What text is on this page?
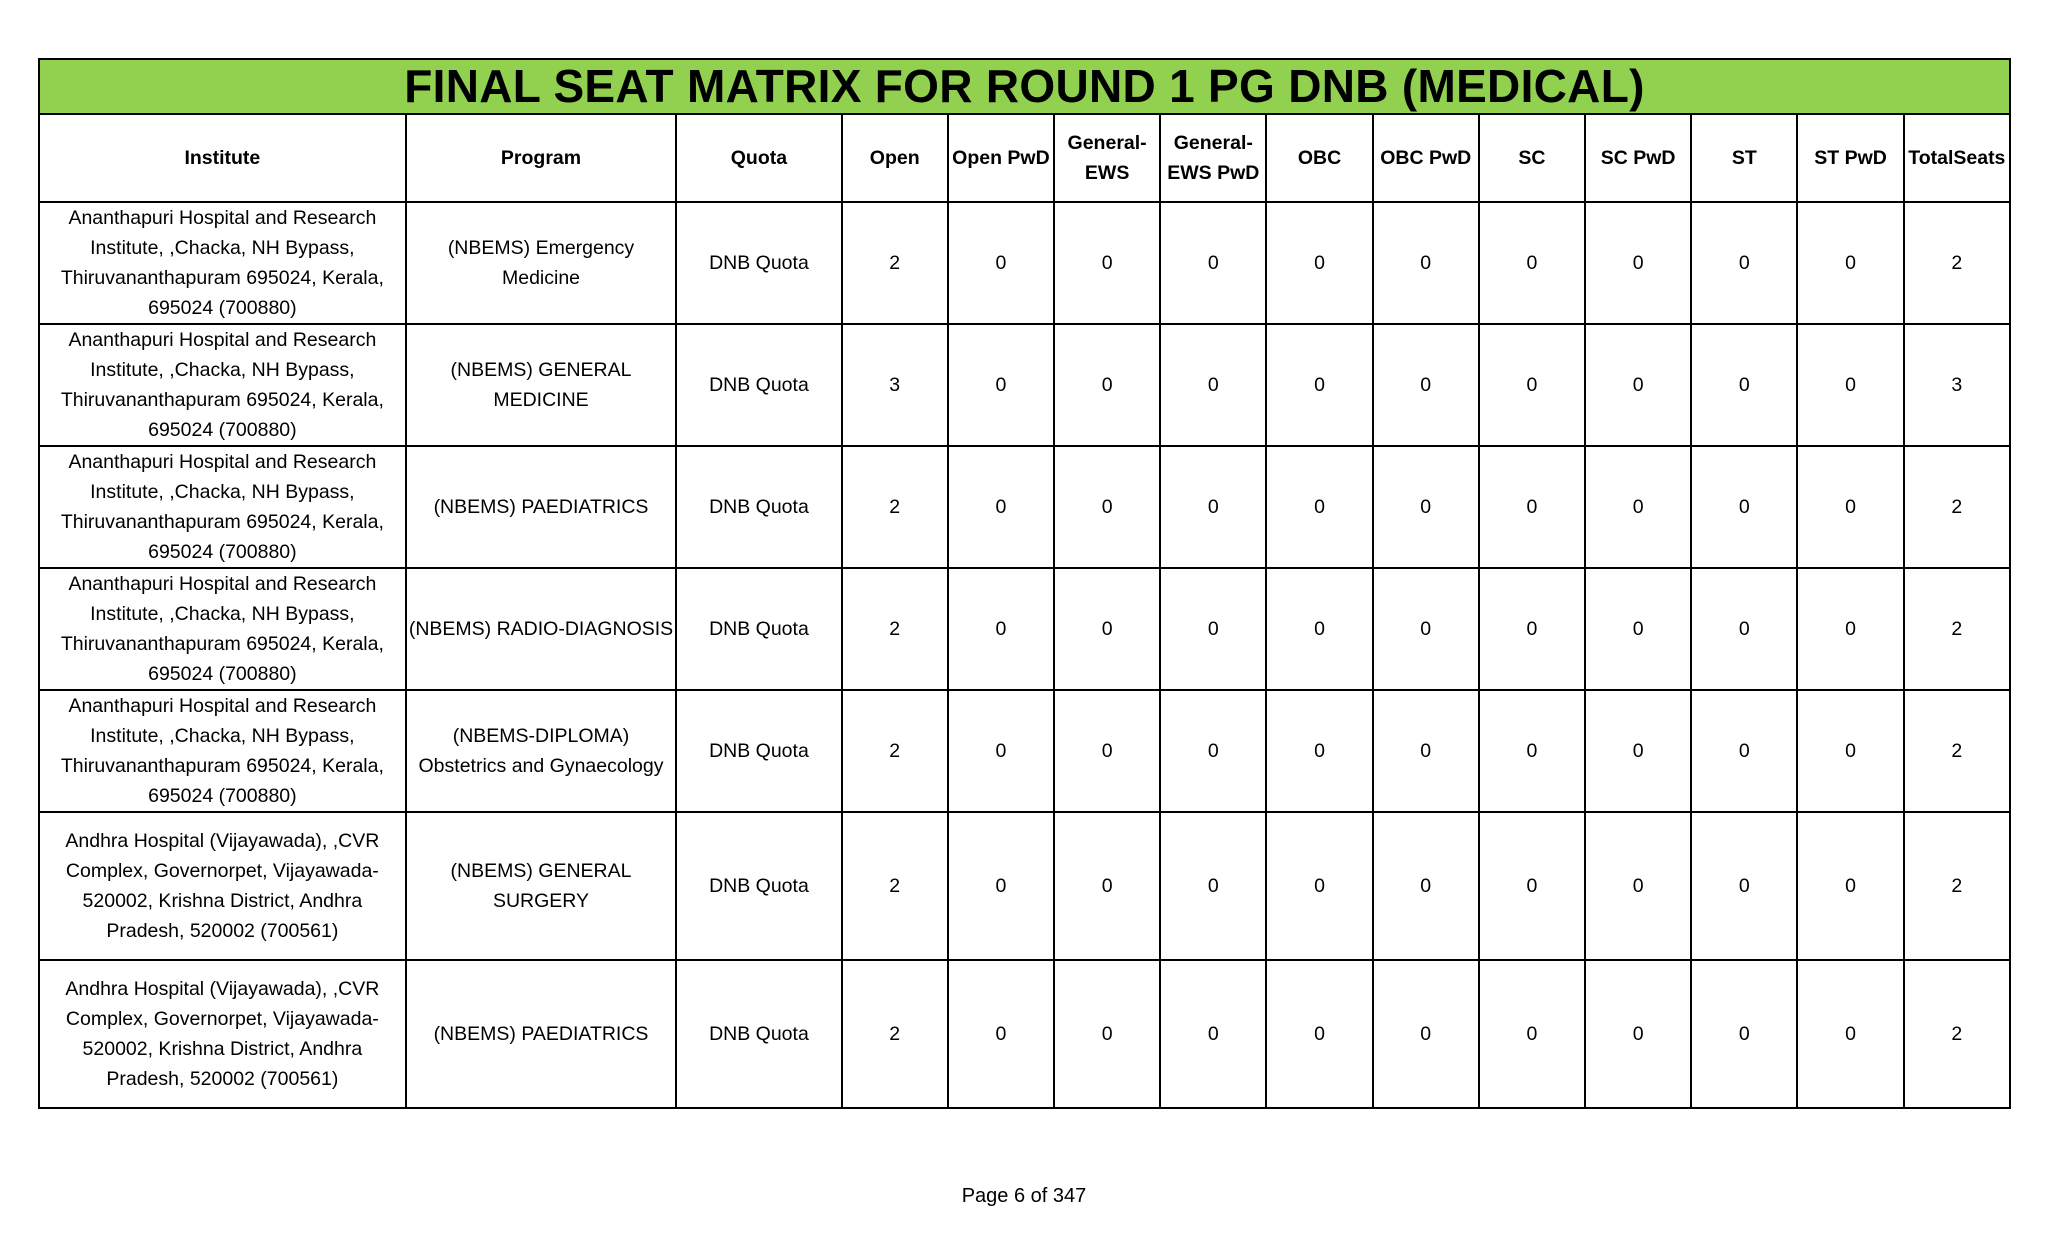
FINAL SEAT MATRIX FOR ROUND 1 PG DNB (MEDICAL)													
Institute	Program	Quota	Open	Open PwD	General-EWS	General-EWS PwD	OBC	OBC PwD	SC	SC PwD	ST	ST PwD	TotalSeats
Ananthapuri Hospital and Research Institute, ,Chacka, NH Bypass, Thiruvananthapuram 695024, Kerala, 695024 (700880)	(NBEMS) Emergency Medicine	DNB Quota	2	0	0	0	0	0	0	0	0	0	2
Ananthapuri Hospital and Research Institute, ,Chacka, NH Bypass, Thiruvananthapuram 695024, Kerala, 695024 (700880)	(NBEMS) GENERAL MEDICINE	DNB Quota	3	0	0	0	0	0	0	0	0	0	3
Ananthapuri Hospital and Research Institute, ,Chacka, NH Bypass, Thiruvananthapuram 695024, Kerala, 695024 (700880)	(NBEMS) PAEDIATRICS	DNB Quota	2	0	0	0	0	0	0	0	0	0	2
Ananthapuri Hospital and Research Institute, ,Chacka, NH Bypass, Thiruvananthapuram 695024, Kerala, 695024 (700880)	(NBEMS) RADIO-DIAGNOSIS	DNB Quota	2	0	0	0	0	0	0	0	0	0	2
Ananthapuri Hospital and Research Institute, ,Chacka, NH Bypass, Thiruvananthapuram 695024, Kerala, 695024 (700880)	(NBEMS-DIPLOMA) Obstetrics and Gynaecology	DNB Quota	2	0	0	0	0	0	0	0	0	0	2
Andhra Hospital (Vijayawada), ,CVR Complex, Governorpet, Vijayawada-520002, Krishna District, Andhra Pradesh, 520002 (700561)	(NBEMS) GENERAL SURGERY	DNB Quota	2	0	0	0	0	0	0	0	0	0	2
Andhra Hospital (Vijayawada), ,CVR Complex, Governorpet, Vijayawada-520002, Krishna District, Andhra Pradesh, 520002 (700561)	(NBEMS) PAEDIATRICS	DNB Quota	2	0	0	0	0	0	0	0	0	0	2
Page 6 of 347
